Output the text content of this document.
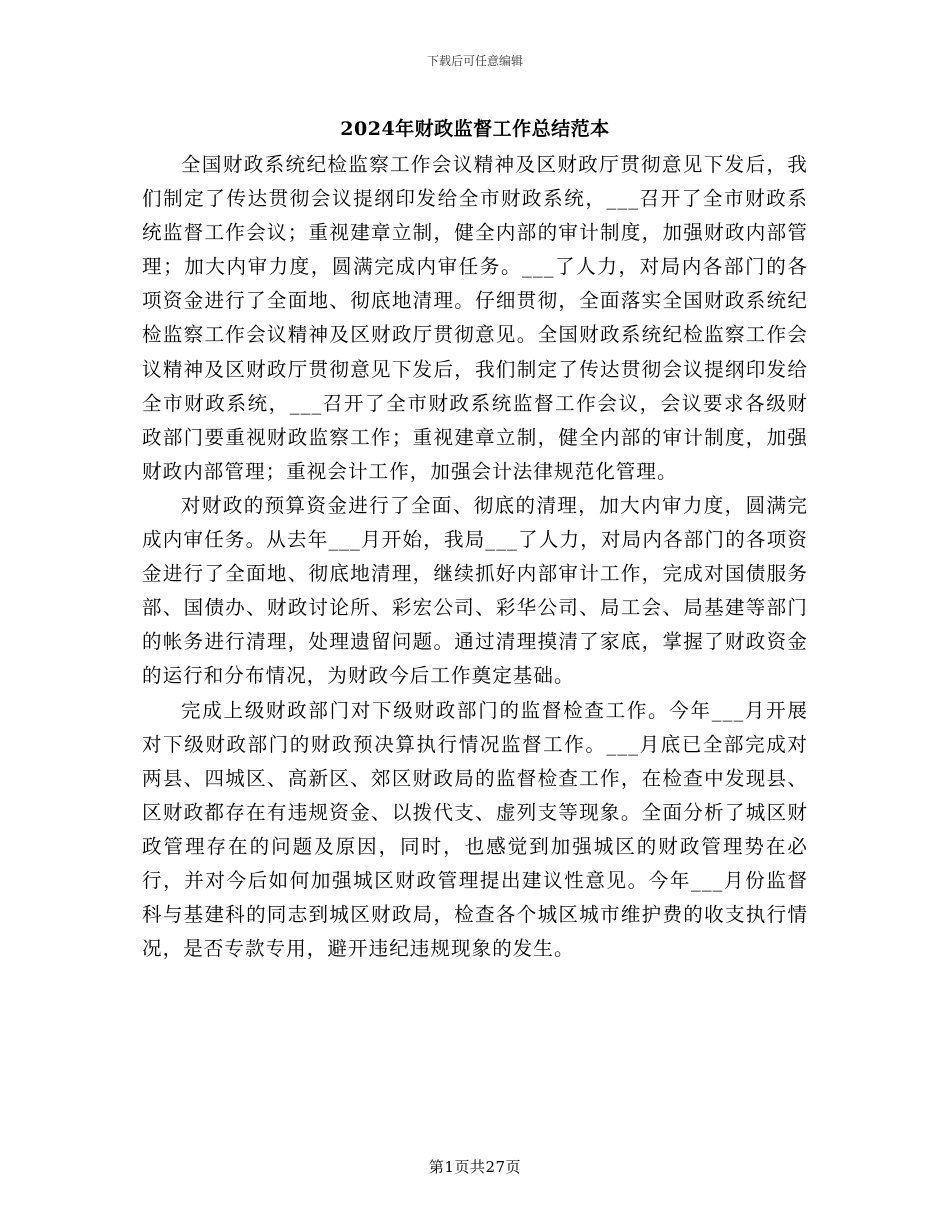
下载后可任意编辑
2024年财政监督工作总结范本

全国财政系统纪检监察工作会议精神及区财政厅贯彻意见下发后，我们制定了传达贯彻会议提纲印发给全市财政系统，___召开了全市财政系统监督工作会议；重视建章立制，健全内部的审计制度，加强财政内部管理；加大内审力度，圆满完成内审任务。___了人力，对局内各部门的各项资金进行了全面地、彻底地清理。仔细贯彻，全面落实全国财政系统纪检监察工作会议精神及区财政厅贯彻意见。全国财政系统纪检监察工作会议精神及区财政厅贯彻意见下发后，我们制定了传达贯彻会议提纲印发给全市财政系统，___召开了全市财政系统监督工作会议，会议要求各级财政部门要重视财政监察工作；重视建章立制，健全内部的审计制度，加强财政内部管理；重视会计工作，加强会计法律规范化管理。

对财政的预算资金进行了全面、彻底的清理，加大内审力度，圆满完成内审任务。从去年___月开始，我局___了人力，对局内各部门的各项资金进行了全面地、彻底地清理，继续抓好内部审计工作，完成对国债服务部、国债办、财政讨论所、彩宏公司、彩华公司、局工会、局基建等部门的帐务进行清理，处理遗留问题。通过清理摸清了家底，掌握了财政资金的运行和分布情况，为财政今后工作奠定基础。

完成上级财政部门对下级财政部门的监督检查工作。今年___月开展对下级财政部门的财政预决算执行情况监督工作。___月底已全部完成对两县、四城区、高新区、郊区财政局的监督检查工作，在检查中发现县、区财政都存在有违规资金、以拨代支、虚列支等现象。全面分析了城区财政管理存在的问题及原因，同时，也感觉到加强城区的财政管理势在必行，并对今后如何加强城区财政管理提出建议性意见。今年___月份监督科与基建科的同志到城区财政局，检查各个城区城市维护费的收支执行情况，是否专款专用，避开违纪违规现象的发生。

第1页共27页
